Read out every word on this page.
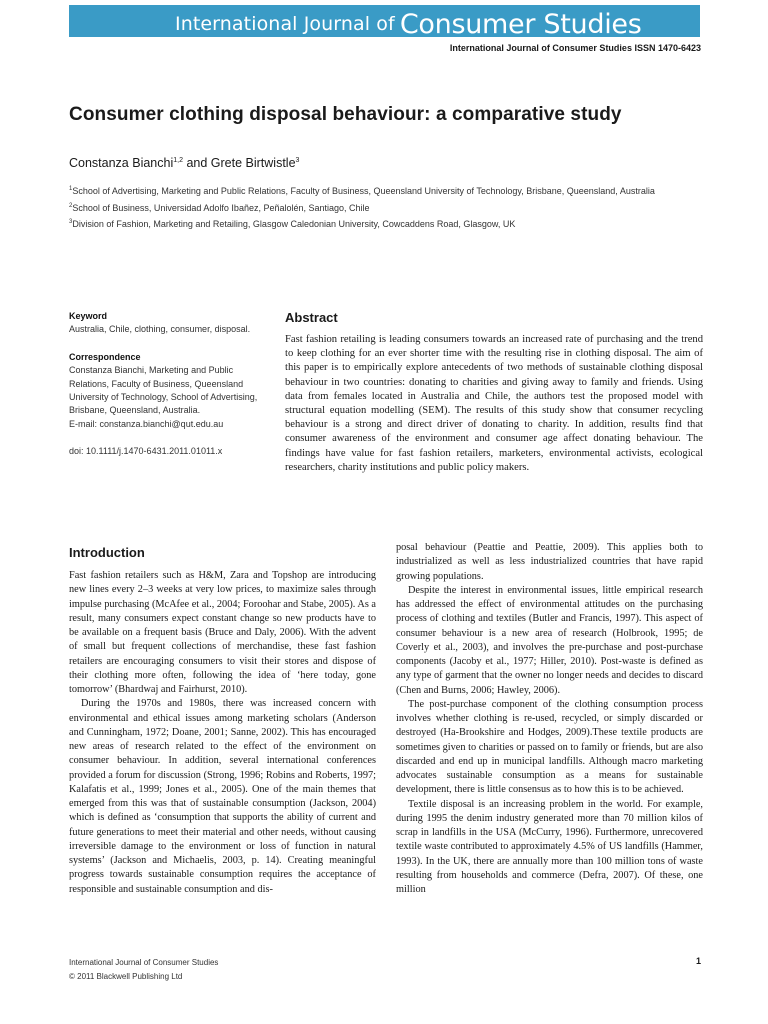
International Journal of Consumer Studies
International Journal of Consumer Studies ISSN 1470-6423
Consumer clothing disposal behaviour: a comparative study
Constanza Bianchi$^{1,2}$ and Grete Birtwistle$^3$

$^1$School of Advertising, Marketing and Public Relations, Faculty of Business, Queensland University of Technology, Brisbane, Queensland, Australia

$^2$School of Business, Universidad Adolfo Ibañez, Peñalolén, Santiago, Chile

$^3$Division of Fashion, Marketing and Retailing, Glasgow Caledonian University, Cowcaddens Road, Glasgow, UK

Keyword
Australia, Chile, clothing, consumer, disposal.
Correspondence
Constanza Bianchi, Marketing and Public Relations, Faculty of Business, Queensland University of Technology, School of Advertising, Brisbane, Queensland, Australia.
E-mail: constanza.bianchi@qut.edu.au
doi: 10.1111/j.1470-6431.2011.01011.x
Abstract

Fast fashion retailing is leading consumers towards an increased rate of purchasing and the trend to keep clothing for an ever shorter time with the resulting rise in clothing disposal. The aim of this paper is to empirically explore antecedents of two methods of sustainable clothing disposal behaviour in two countries: donating to charities and giving away to family and friends. Using data from females located in Australia and Chile, the authors test the proposed model with structural equation modelling (SEM). The results of this study show that consumer recycling behaviour is a strong and direct driver of donating to charity. In addition, results find that consumer awareness of the environment and consumer age affect donating behaviour. The findings have value for fast fashion retailers, marketers, environmental activists, ecological researchers, charity institutions and public policy makers.

Introduction

Fast fashion retailers such as H&M, Zara and Topshop are introducing new lines every 2–3 weeks at very low prices, to maximize sales through impulse purchasing (McAfee et al., 2004; Foroohar and Stabe, 2005). As a result, many consumers expect constant change so new products have to be available on a frequent basis (Bruce and Daly, 2006). With the advent of small but frequent collections of merchandise, these fast fashion retailers are encouraging consumers to visit their stores and dispose of their clothing more often, following the idea of ‘here today, gone tomorrow’ (Bhardwaj and Fairhurst, 2010).

During the 1970s and 1980s, there was increased concern with environmental and ethical issues among marketing scholars (Anderson and Cunningham, 1972; Doane, 2001; Sanne, 2002). This has encouraged new areas of research related to the effect of the environment on consumer behaviour. In addition, several international conferences provided a forum for discussion (Strong, 1996; Robins and Roberts, 1997; Kalafatis et al., 1999; Jones et al., 2005). One of the main themes that emerged from this was that of sustainable consumption (Jackson, 2004) which is defined as ‘consumption that supports the ability of current and future generations to meet their material and other needs, without causing irreversible damage to the environment or loss of function in natural systems’ (Jackson and Michaelis, 2003, p. 14). Creating meaningful progress towards sustainable consumption requires the acceptance of responsible and sustainable consumption and dis-

posal behaviour (Peattie and Peattie, 2009). This applies both to industrialized as well as less industrialized countries that have rapid growing populations.

Despite the interest in environmental issues, little empirical research has addressed the effect of environmental attitudes on the purchasing process of clothing and textiles (Butler and Francis, 1997). This aspect of consumer behaviour is a new area of research (Holbrook, 1995; de Coverly et al., 2003), and involves the pre-purchase and post-purchase components (Jacoby et al., 1977; Hiller, 2010). Post-waste is defined as any type of garment that the owner no longer needs and decides to discard (Chen and Burns, 2006; Hawley, 2006).

The post-purchase component of the clothing consumption process involves whether clothing is re-used, recycled, or simply discarded or destroyed (Ha-Brookshire and Hodges, 2009).These textile products are sometimes given to charities or passed on to family or friends, but are also discarded and end up in municipal landfills. Although macro marketing advocates sustainable consumption as a means for sustainable development, there is little consensus as to how this is to be achieved.

Textile disposal is an increasing problem in the world. For example, during 1995 the denim industry generated more than 70 million kilos of scrap in landfills in the USA (McCurry, 1996). Furthermore, unrecovered textile waste contributed to approximately 4.5% of US landfills (Hammer, 1993). In the UK, there are annually more than 100 million tons of waste resulting from households and commerce (Defra, 2007). Of these, one million

International Journal of Consumer Studies
© 2011 Blackwell Publishing Ltd
1
